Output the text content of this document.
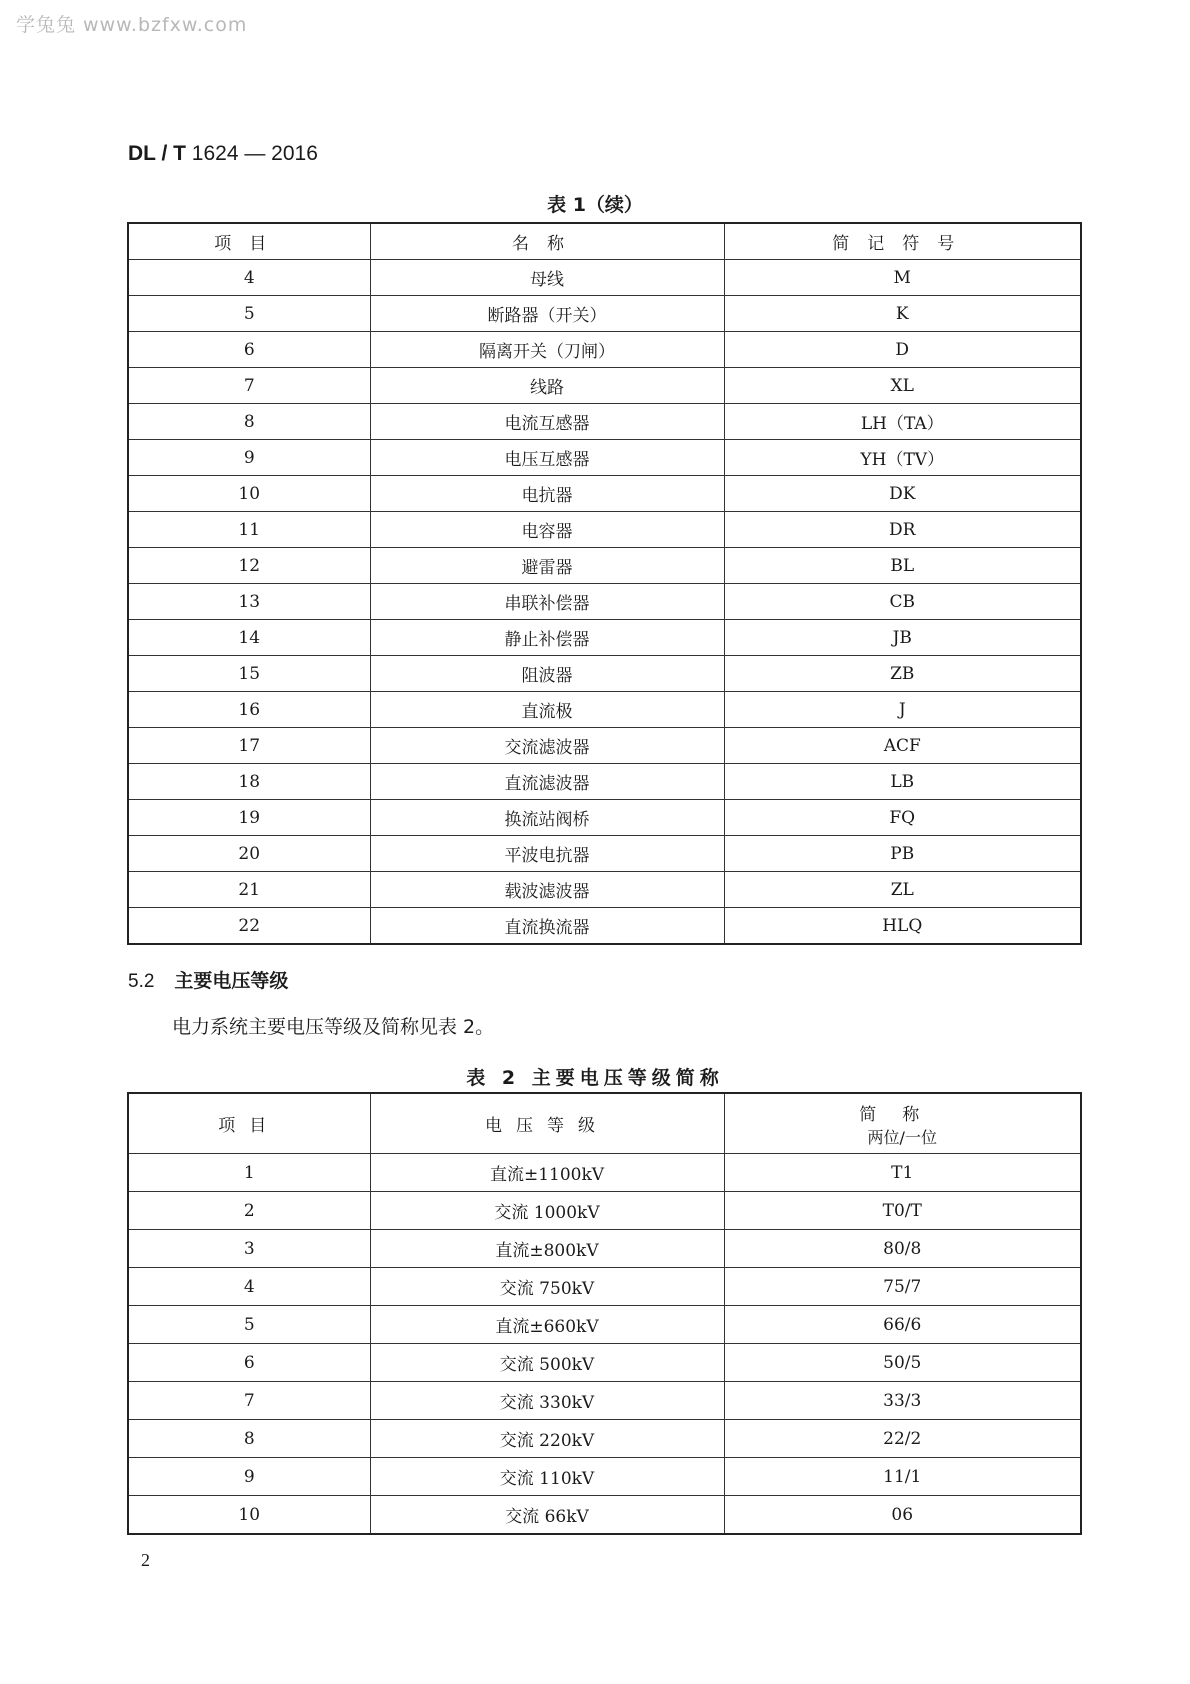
学兔兔 www.bzfxw.com
DL / T 1624 — 2016
表 1（续）
项目	名称	简记符号
4	母线	M
5	断路器（开关）	K
6	隔离开关（刀闸）	D
7	线路	XL
8	电流互感器	LH（TA）
9	电压互感器	YH（TV）
10	电抗器	DK
11	电容器	DR
12	避雷器	BL
13	串联补偿器	CB
14	静止补偿器	JB
15	阻波器	ZB
16	直流极	J
17	交流滤波器	ACF
18	直流滤波器	LB
19	换流站阀桥	FQ
20	平波电抗器	PB
21	载波滤波器	ZL
22	直流换流器	HLQ
5.2 主要电压等级
电力系统主要电压等级及简称见表 2。
表 2 主要电压等级简称
项目	电压等级	简称
两位/一位

1	直流±1100kV	T1
2	交流 1000kV	T0/T
3	直流±800kV	80/8
4	交流 750kV	75/7
5	直流±660kV	66/6
6	交流 500kV	50/5
7	交流 330kV	33/3
8	交流 220kV	22/2
9	交流 110kV	11/1
10	交流 66kV	06
2
